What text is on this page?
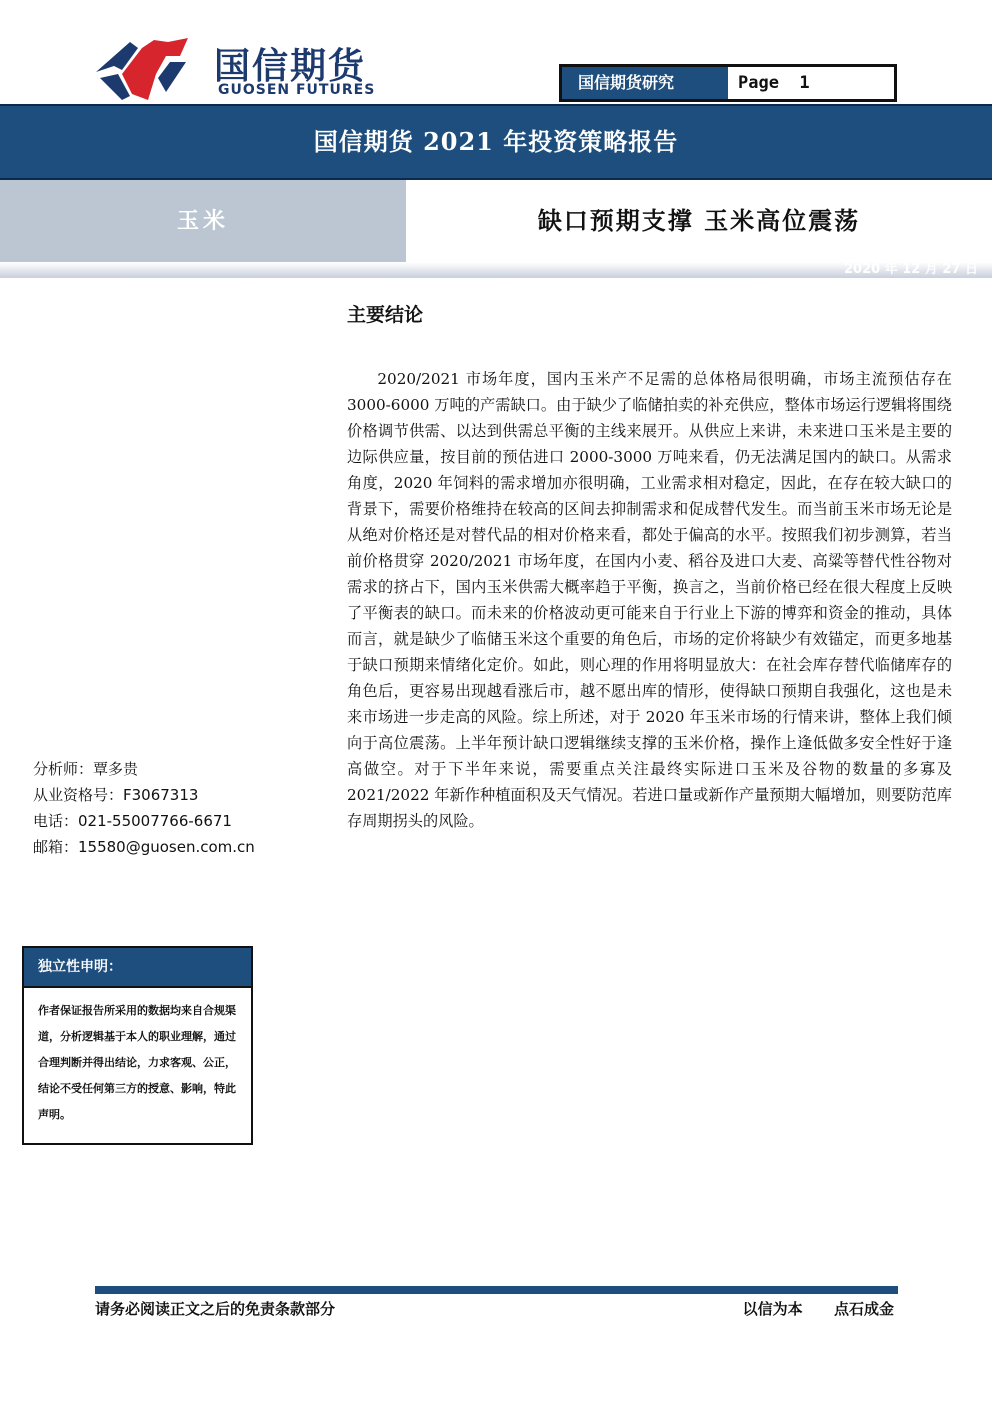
国信期货
GUOSEN FUTURES	国信期货研究	Page  1
国信期货 2021 年投资策略报告
玉米	缺口预期支撑 玉米高位震荡
2020 年 12 月 27 日
主要结论
2020/2021 市场年度，国内玉米产不足需的总体格局很明确，市场主流预估存在 3000-6000 万吨的产需缺口。由于缺少了临储拍卖的补充供应，整体市场运行逻辑将围绕价格调节供需、以达到供需总平衡的主线来展开。从供应上来讲，未来进口玉米是主要的边际供应量，按目前的预估进口 2000-3000 万吨来看，仍无法满足国内的缺口。从需求角度，2020 年饲料的需求增加亦很明确，工业需求相对稳定，因此，在存在较大缺口的背景下，需要价格维持在较高的区间去抑制需求和促成替代发生。而当前玉米市场无论是从绝对价格还是对替代品的相对价格来看，都处于偏高的水平。按照我们初步测算，若当前价格贯穿 2020/2021 市场年度，在国内小麦、稻谷及进口大麦、高粱等替代性谷物对需求的挤占下，国内玉米供需大概率趋于平衡，换言之，当前价格已经在很大程度上反映了平衡表的缺口。而未来的价格波动更可能来自于行业上下游的博弈和资金的推动，具体而言，就是缺少了临储玉米这个重要的角色后，市场的定价将缺少有效锚定，而更多地基于缺口预期来情绪化定价。如此，则心理的作用将明显放大：在社会库存替代临储库存的角色后，更容易出现越看涨后市，越不愿出库的情形，使得缺口预期自我强化，这也是未来市场进一步走高的风险。综上所述，对于 2020 年玉米市场的行情来讲，整体上我们倾向于高位震荡。上半年预计缺口逻辑继续支撑的玉米价格，操作上逢低做多安全性好于逢高做空。对于下半年来说，需要重点关注最终实际进口玉米及谷物的数量的多寡及 2021/2022 年新作种植面积及天气情况。若进口量或新作产量预期大幅增加，则要防范库存周期拐头的风险。
分析师：覃多贵
从业资格号：F3067313
电话：021-55007766-6671
邮箱：15580@guosen.com.cn
独立性申明：
作者保证报告所采用的数据均来自合规渠道，分析逻辑基于本人的职业理解，通过合理判断并得出结论，力求客观、公正，结论不受任何第三方的授意、影响，特此声明。
请务必阅读正文之后的免责条款部分	以信为本      点石成金
